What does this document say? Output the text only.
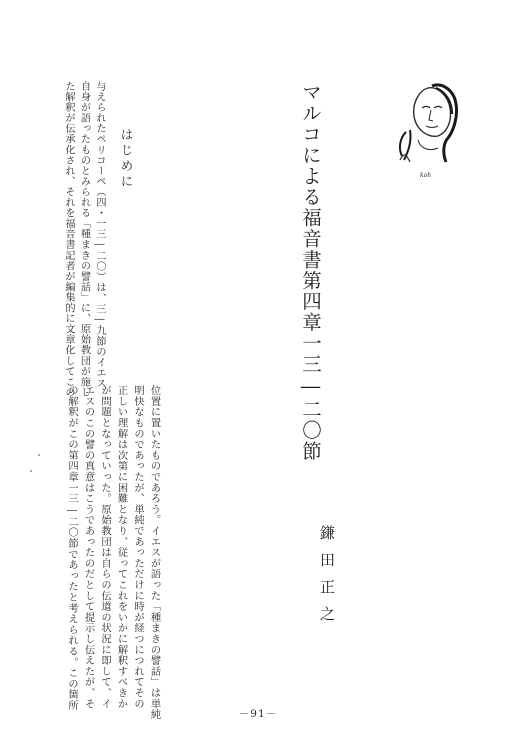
koh
マルコによる福音書第四章一三―二〇節
鎌田正之
はじめに
与えられたペリコーペ（四・一三―二〇）は、三―九節のイエス
自身が語ったものとみられる「種まきの譬話」に、原始教団が施し
た解釈が伝承化され、それを福音書記者が編集的に文章化してこの
位置に置いたものであろう。イエスが語った「種まきの譬話」は単純
明快なものであったが、単純であっただけに時が経つにつれてその
正しい理解は次第に困難となり、従ってこれをいかに解釈すべきか
が問題となっていった。原始教団は自らの伝道の状況に即して、イ
エスのこの譬の真意はこうであったのだとして提示し伝えたが、そ
の解釈がこの第四章一三―二〇節であったと考えられる。この箇所
－91－
